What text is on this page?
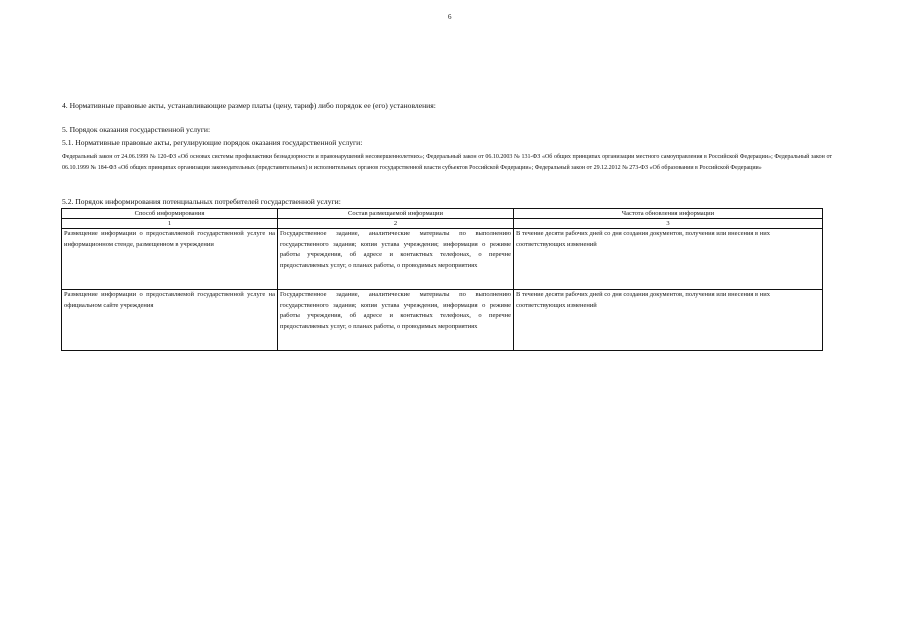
6
4. Нормативные правовые акты, устанавливающие размер платы (цену, тариф) либо порядок ее (его) установления:
5. Порядок оказания государственной услуги:
5.1. Нормативные правовые акты, регулирующие порядок оказания государственной услуги:
Федеральный закон от 24.06.1999 № 120-ФЗ «Об основах системы профилактики безнадзорности и правонарушений несовершеннолетних»; Федеральный закон от 06.10.2003 № 131-ФЗ «Об общих принципах организации местного самоуправления в Российской Федерации»; Федеральный закон от 06.10.1999 № 184-ФЗ «Об общих принципах организации законодательных (представительных) и исполнительных органов государственной власти субъектов Российской Федерации»; Федеральный закон от 29.12.2012 № 273-ФЗ «Об образовании в Российской Федерации»
5.2. Порядок информирования потенциальных потребителей государственной услуги:
Способ информирования	Состав размещаемой информации	Частота обновления информации
1	2	3
Размещение информации о предоставляемой государственной услуге на информационном стенде, размещенном в учреждении	Государственное задание, аналитические материалы по выполнению государственного задания; копия устава учреждения; информация о режиме работы учреждения, об адресе и контактных телефонах, о перечне предоставляемых услуг, о планах работы, о проводимых мероприятиях	В течение десяти рабочих дней со дня создания документов, получения или внесения в них соответствующих изменений
Размещение информации о предоставляемой государственной услуге на официальном сайте учреждения	Государственное задание, аналитические материалы по выполнению государственного задания; копия устава учреждения, информация о режиме работы учреждения, об адресе и контактных телефонах, о перечне предоставляемых услуг, о планах работы, о проводимых мероприятиях	В течение десяти рабочих дней со дня создания документов, получения или внесения в них соответствующих изменений
